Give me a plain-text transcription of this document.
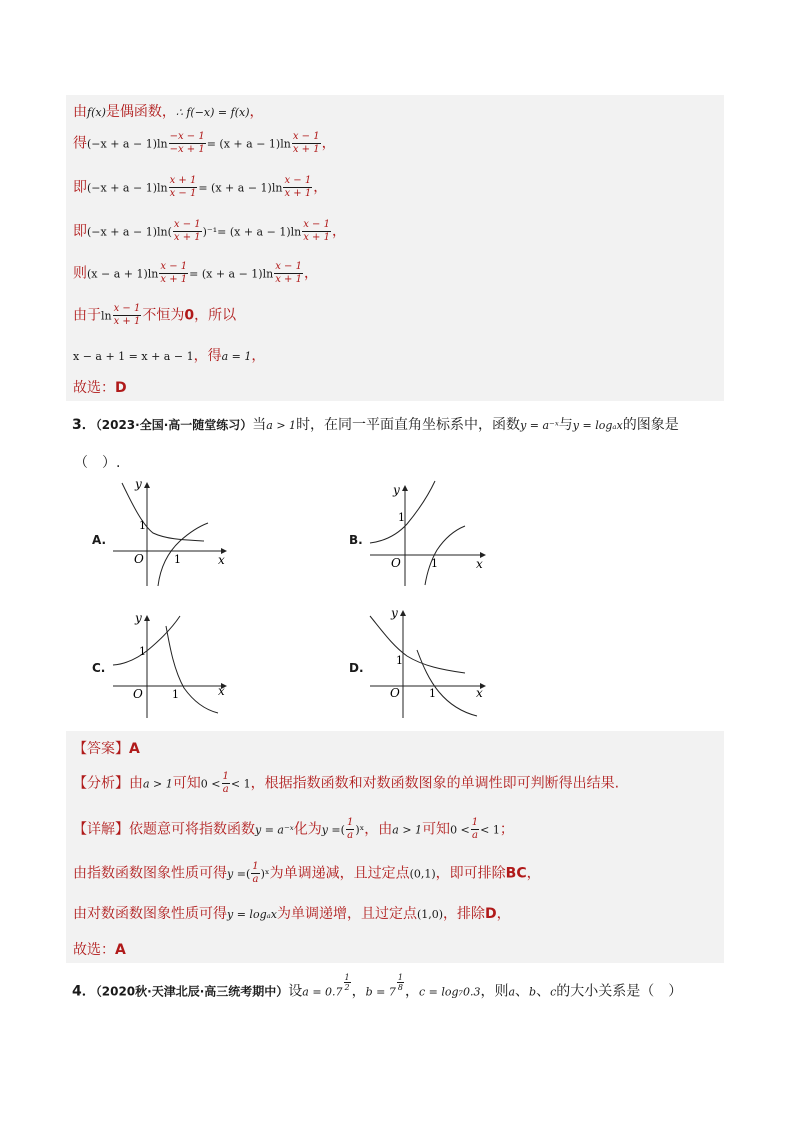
由f(x)是偶函数，∴ f(−x) = f(x)，
得$(-x + a - 1)\ln \frac{-x - 1}{-x + 1} = (x + a - 1)\ln \frac{x - 1}{x + 1}$ ，
即$(-x + a - 1)\ln \frac{x + 1}{x - 1} = (x + a - 1)\ln \frac{x - 1}{x + 1}$ ，
即$(-x + a - 1)\ln( \frac{x - 1}{x + 1} )^{-1}= (x + a - 1)\ln \frac{x - 1}{x + 1}$ ，
则$(x - a + 1)\ln \frac{x - 1}{x + 1} = (x + a - 1)\ln \frac{x - 1}{x + 1}$ ，
由于$\ln \frac{x - 1}{x + 1}$ 不恒为0，所以
x − a + 1 = x + a − 1，得a = 1，
故选：D
3．（2023·全国·高一随堂练习）当a > 1时，在同一平面直角坐标系中，函数y = a⁻ˣ与y = logₐx的图象是
（　）.
A.	B.
C.	D.
y
x
O
1
1
y
x
O
1
1
y
x
O
1
1
y
x
O
1
1
【答案】A
【分析】由a > 1可知$0 < \frac{1}{a} < 1$，根据指数函数和对数函数图象的单调性即可判断得出结果.
【详解】依题意可将指数函数y = a⁻ˣ化为y =( $\frac{1}{a}$ )ˣ，由a > 1可知$0 < \frac{1}{a} < 1$；
由指数函数图象性质可得y =( $\frac{1}{a}$ )ˣ为单调递减，且过定点(0,1)，即可排除BC，
由对数函数图象性质可得y = logₐx为单调递增，且过定点(1,0)，排除D，
故选：A
4．（2020秋·天津北辰·高三统考期中）设a = 0.7
$\frac{1}{2}$ ，b = 7
$\frac{1}{8}$ ，c = log₇0.3，则a、b、c的大小关系是（　）
